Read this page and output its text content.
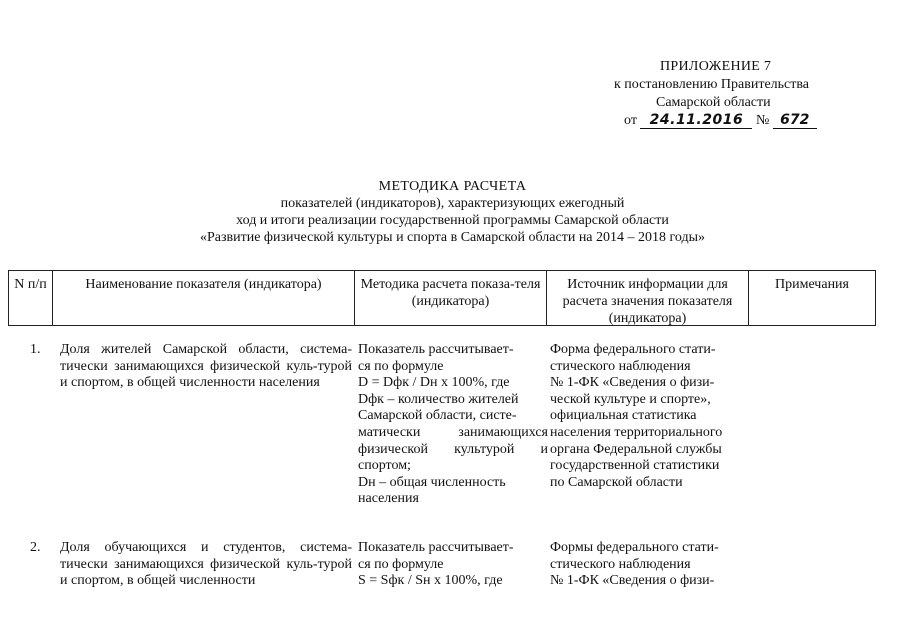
ПРИЛОЖЕНИЕ 7
к постановлению Правительства
Самарской области
от 24.11.2016 № 672
МЕТОДИКА РАСЧЕТА
показателей (индикаторов), характеризующих ежегодный
ход и итоги реализации государственной программы Самарской области
«Развитие физической культуры и спорта в Самарской области на 2014 – 2018 годы»
N п/п	Наименование показателя (индикатора)	Методика расчета показа-теля (индикатора)
Источник информации для расчета значения показателя (индикатора)
Примечания
1. Доля жителей Самарской области, система-тически занимающихся физической куль-турой и спортом, в общей численности населения
Показатель рассчитывает-
ся по формуле
D = Dфк / Dн х 100%, где
Dфк – количество жителей
Самарской области, систе-
матически занимающихся
физической культурой и
спортом;
Dн – общая численность
населения
Форма федерального стати-
стического наблюдения
№ 1-ФК «Сведения о физи-
ческой культуре и спорте»,
официальная статистика
населения территориального
органа Федеральной службы
государственной статистики
по Самарской области
2. Доля обучающихся и студентов, система-тически занимающихся физической куль-турой и спортом, в общей численности
Показатель рассчитывает-
ся по формуле
S = Sфк / Sн х 100%, где
Формы федерального стати-
стического наблюдения
№ 1-ФК «Сведения о физи-
